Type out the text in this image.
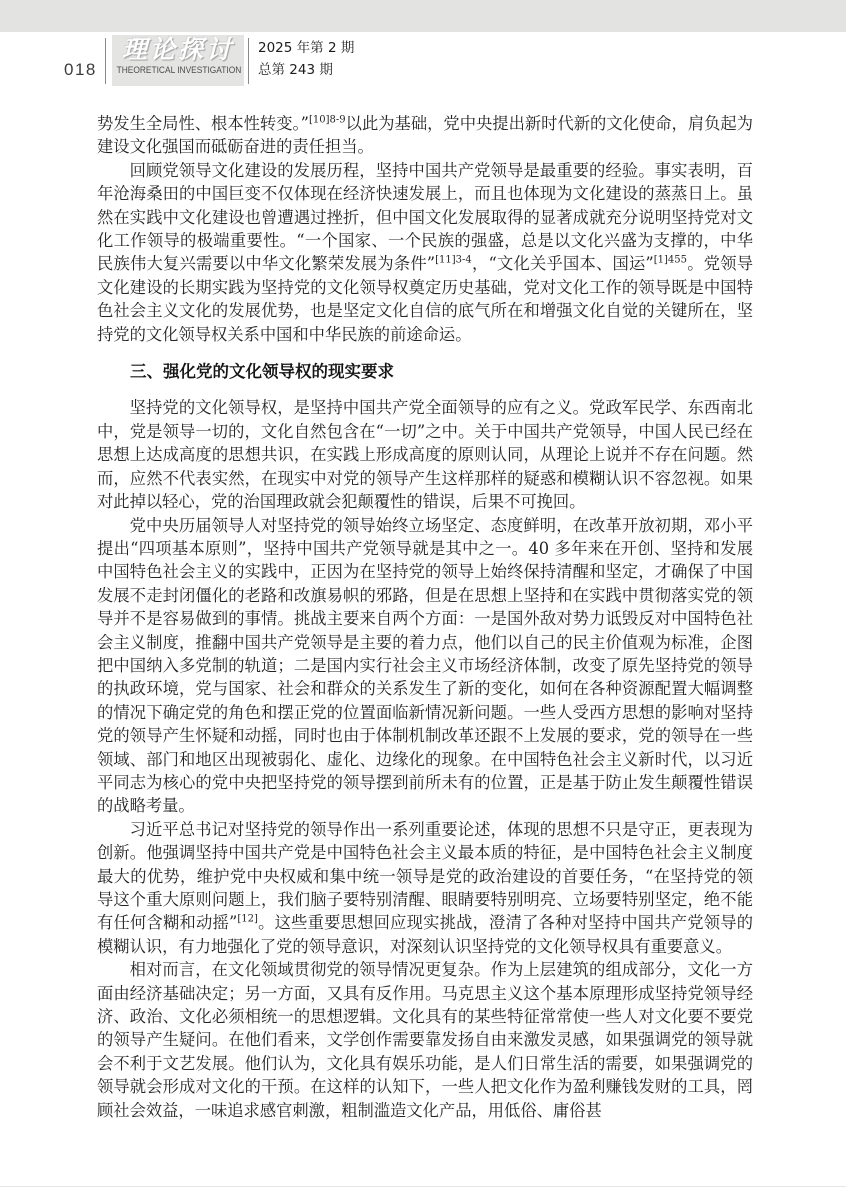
018
理论探讨
THEORETICAL INVESTIGATION
2025 年第 2 期
总第 243 期

势发生全局性、根本性转变。”$^{[10]8-9}$以此为基础，党中央提出新时代新的文化使命，肩负起为建设文化强国而砥砺奋进的责任担当。

回顾党领导文化建设的发展历程，坚持中国共产党领导是最重要的经验。事实表明，百年沧海桑田的中国巨变不仅体现在经济快速发展上，而且也体现为文化建设的蒸蒸日上。虽然在实践中文化建设也曾遭遇过挫折，但中国文化发展取得的显著成就充分说明坚持党对文化工作领导的极端重要性。“一个国家、一个民族的强盛，总是以文化兴盛为支撑的，中华民族伟大复兴需要以中华文化繁荣发展为条件”$^{[11]3-4}$，“文化关乎国本、国运”$^{[1]455}$。党领导文化建设的长期实践为坚持党的文化领导权奠定历史基础，党对文化工作的领导既是中国特色社会主义文化的发展优势，也是坚定文化自信的底气所在和增强文化自觉的关键所在，坚持党的文化领导权关系中国和中华民族的前途命运。

三、强化党的文化领导权的现实要求

坚持党的文化领导权，是坚持中国共产党全面领导的应有之义。党政军民学、东西南北中，党是领导一切的，文化自然包含在“一切”之中。关于中国共产党领导，中国人民已经在思想上达成高度的思想共识，在实践上形成高度的原则认同，从理论上说并不存在问题。然而，应然不代表实然，在现实中对党的领导产生这样那样的疑惑和模糊认识不容忽视。如果对此掉以轻心，党的治国理政就会犯颠覆性的错误，后果不可挽回。

党中央历届领导人对坚持党的领导始终立场坚定、态度鲜明，在改革开放初期，邓小平提出“四项基本原则”，坚持中国共产党领导就是其中之一。40 多年来在开创、坚持和发展中国特色社会主义的实践中，正因为在坚持党的领导上始终保持清醒和坚定，才确保了中国发展不走封闭僵化的老路和改旗易帜的邪路，但是在思想上坚持和在实践中贯彻落实党的领导并不是容易做到的事情。挑战主要来自两个方面：一是国外敌对势力诋毁反对中国特色社会主义制度，推翻中国共产党领导是主要的着力点，他们以自己的民主价值观为标准，企图把中国纳入多党制的轨道；二是国内实行社会主义市场经济体制，改变了原先坚持党的领导的执政环境，党与国家、社会和群众的关系发生了新的变化，如何在各种资源配置大幅调整的情况下确定党的角色和摆正党的位置面临新情况新问题。一些人受西方思想的影响对坚持党的领导产生怀疑和动摇，同时也由于体制机制改革还跟不上发展的要求，党的领导在一些领域、部门和地区出现被弱化、虚化、边缘化的现象。在中国特色社会主义新时代，以习近平同志为核心的党中央把坚持党的领导摆到前所未有的位置，正是基于防止发生颠覆性错误的战略考量。

习近平总书记对坚持党的领导作出一系列重要论述，体现的思想不只是守正，更表现为创新。他强调坚持中国共产党是中国特色社会主义最本质的特征，是中国特色社会主义制度最大的优势，维护党中央权威和集中统一领导是党的政治建设的首要任务，“在坚持党的领导这个重大原则问题上，我们脑子要特别清醒、眼睛要特别明亮、立场要特别坚定，绝不能有任何含糊和动摇”[12]。这些重要思想回应现实挑战，澄清了各种对坚持中国共产党领导的模糊认识，有力地强化了党的领导意识，对深刻认识坚持党的文化领导权具有重要意义。

相对而言，在文化领域贯彻党的领导情况更复杂。作为上层建筑的组成部分，文化一方面由经济基础决定；另一方面，又具有反作用。马克思主义这个基本原理形成坚持党领导经济、政治、文化必须相统一的思想逻辑。文化具有的某些特征常常使一些人对文化要不要党的领导产生疑问。在他们看来，文学创作需要靠发扬自由来激发灵感，如果强调党的领导就会不利于文艺发展。他们认为，文化具有娱乐功能，是人们日常生活的需要，如果强调党的领导就会形成对文化的干预。在这样的认知下，一些人把文化作为盈利赚钱发财的工具，罔顾社会效益，一味追求感官刺激，粗制滥造文化产品，用低俗、庸俗甚
